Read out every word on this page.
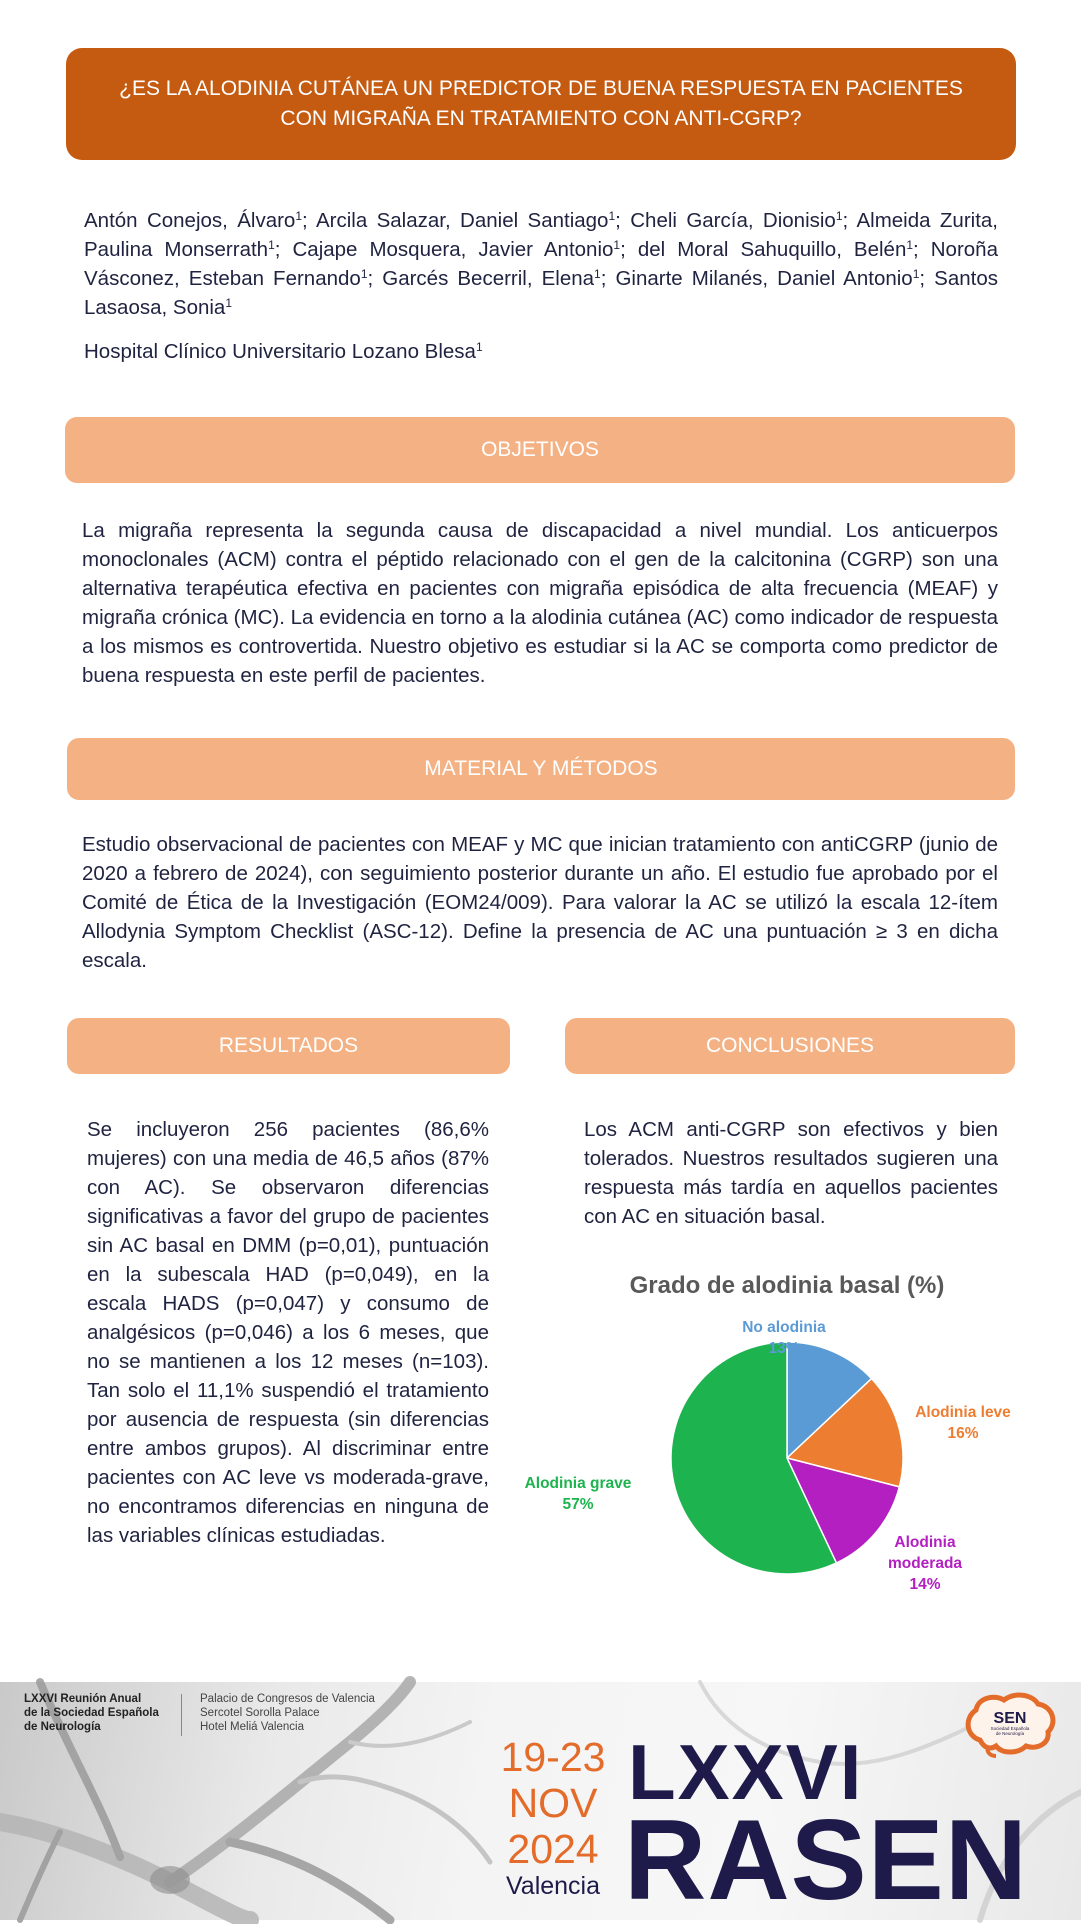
¿ES LA ALODINIA CUTÁNEA UN PREDICTOR DE BUENA RESPUESTA EN PACIENTES CON MIGRAÑA EN TRATAMIENTO CON ANTI-CGRP?
Antón Conejos, Álvaro$^1$; Arcila Salazar, Daniel Santiago$^1$; Cheli García, Dionisio$^1$; Almeida Zurita, Paulina Monserrath$^1$; Cajape Mosquera, Javier Antonio$^1$; del Moral Sahuquillo, Belén$^1$; Noroña Vásconez, Esteban Fernando$^1$; Garcés Becerril, Elena$^1$; Ginarte Milanés, Daniel Antonio$^1$; Santos Lasaosa, Sonia$^1$
Hospital Clínico Universitario Lozano Blesa$^1$
OBJETIVOS
La migraña representa la segunda causa de discapacidad a nivel mundial. Los anticuerpos monoclonales (ACM) contra el péptido relacionado con el gen de la calcitonina (CGRP) son una alternativa terapéutica efectiva en pacientes con migraña episódica de alta frecuencia (MEAF) y migraña crónica (MC). La evidencia en torno a la alodinia cutánea (AC) como indicador de respuesta a los mismos es controvertida. Nuestro objetivo es estudiar si la AC se comporta como predictor de buena respuesta en este perfil de pacientes.
MATERIAL Y MÉTODOS
Estudio observacional de pacientes con MEAF y MC que inician tratamiento con antiCGRP (junio de 2020 a febrero de 2024), con seguimiento posterior durante un año. El estudio fue aprobado por el Comité de Ética de la Investigación (EOM24/009). Para valorar la AC se utilizó la escala 12-ítem Allodynia Symptom Checklist (ASC-12). Define la presencia de AC una puntuación ≥ 3 en dicha escala.
RESULTADOS	CONCLUSIONES
Se incluyeron 256 pacientes (86,6% mujeres) con una media de 46,5 años (87% con AC). Se observaron diferencias significativas a favor del grupo de pacientes sin AC basal en DMM (p=0,01), puntuación en la subescala HAD (p=0,049), en la escala HADS (p=0,047) y consumo de analgésicos (p=0,046) a los 6 meses, que no se mantienen a los 12 meses (n=103). Tan solo el 11,1% suspendió el tratamiento por ausencia de respuesta (sin diferencias entre ambos grupos). Al discriminar entre pacientes con AC leve vs moderada-grave, no encontramos diferencias en ninguna de las variables clínicas estudiadas.
Los ACM anti-CGRP son efectivos y bien tolerados. Nuestros resultados sugieren una respuesta más tardía en aquellos pacientes con AC en situación basal.
Grado de alodinia basal (%)
No alodinia 13%
Alodinia leve 16%
Alodinia moderada 14%
Alodinia grave 57%
LXXVI Reunión Anual
de la Sociedad Española
de Neurología
Palacio de Congresos de Valencia
Sercotel Sorolla Palace
Hotel Meliá Valencia
19-23
NOV
2024
Valencia
LXXVI
RASEN
SEN
Sociedad Española
de Neurología
